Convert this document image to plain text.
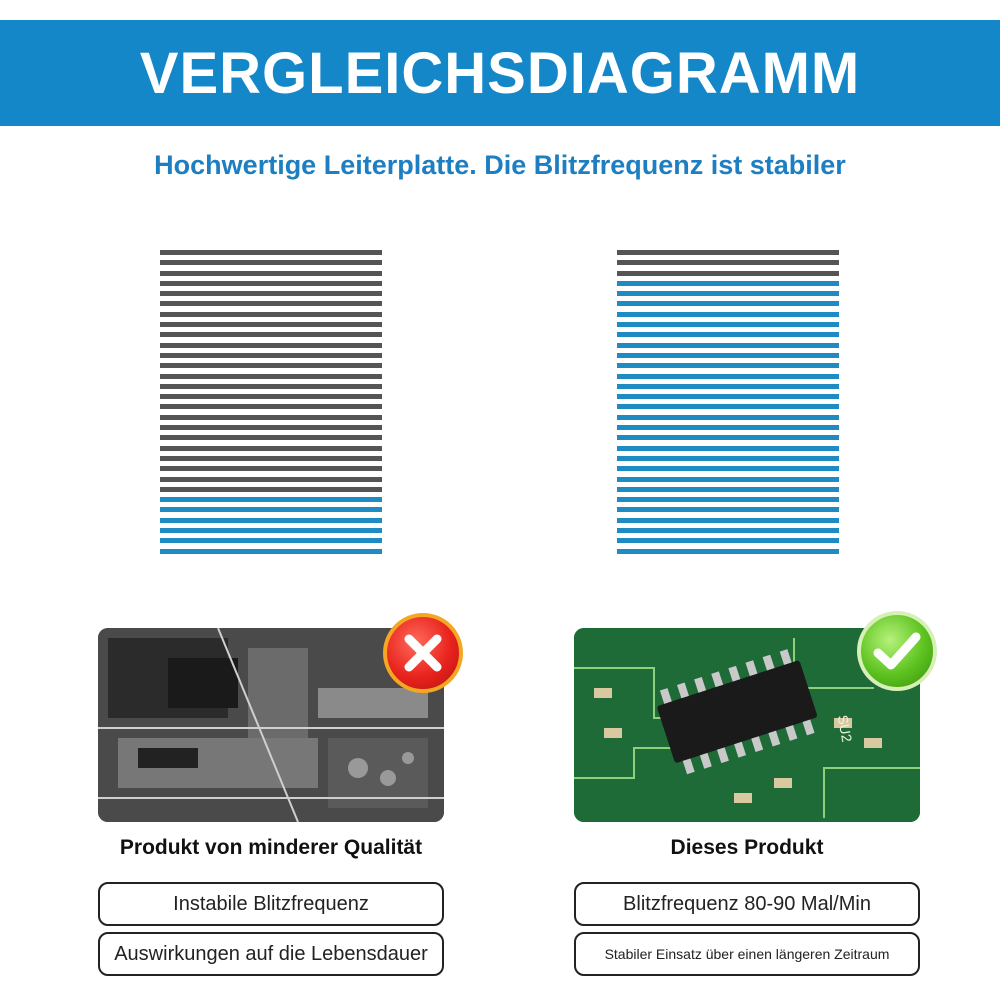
VERGLEICHSDIAGRAMM
Hochwertige Leiterplatte. Die Blitzfrequenz ist stabiler
SU2
Produkt von minderer Qualität	Dieses Produkt
Instabile Blitzfrequenz
Auswirkungen auf die Lebensdauer
Blitzfrequenz 80-90 Mal/Min
Stabiler Einsatz über einen längeren Zeitraum
